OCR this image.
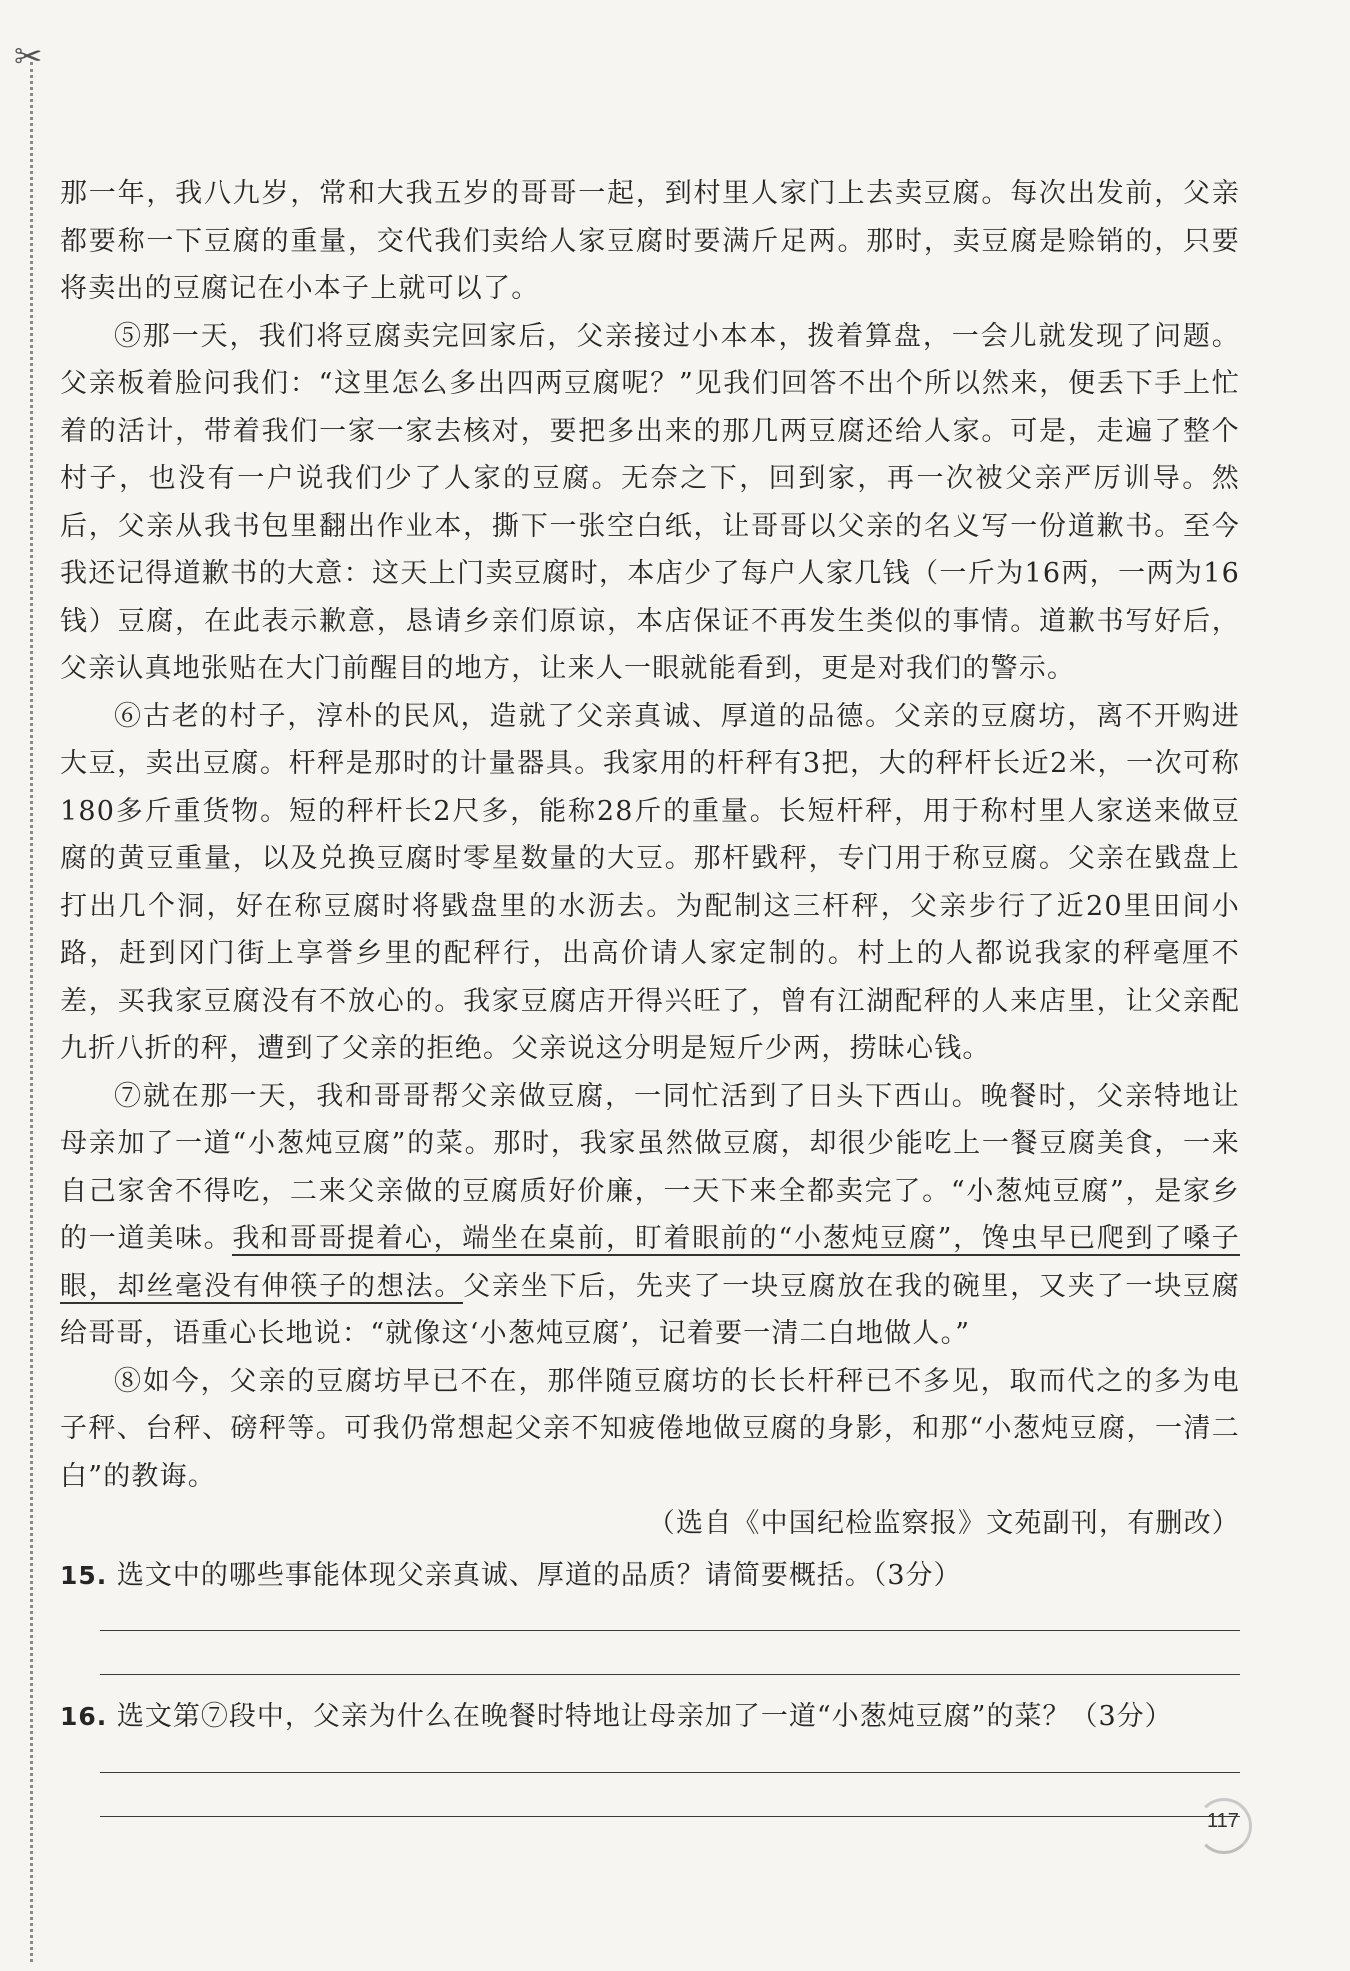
✂

那一年，我八九岁，常和大我五岁的哥哥一起，到村里人家门上去卖豆腐。每次出发前，父亲都要称一下豆腐的重量，交代我们卖给人家豆腐时要满斤足两。那时，卖豆腐是赊销的，只要将卖出的豆腐记在小本子上就可以了。

⑤那一天，我们将豆腐卖完回家后，父亲接过小本本，拨着算盘，一会儿就发现了问题。父亲板着脸问我们：“这里怎么多出四两豆腐呢？”见我们回答不出个所以然来，便丢下手上忙着的活计，带着我们一家一家去核对，要把多出来的那几两豆腐还给人家。可是，走遍了整个村子，也没有一户说我们少了人家的豆腐。无奈之下，回到家，再一次被父亲严厉训导。然后，父亲从我书包里翻出作业本，撕下一张空白纸，让哥哥以父亲的名义写一份道歉书。至今我还记得道歉书的大意：这天上门卖豆腐时，本店少了每户人家几钱（一斤为16两，一两为16钱）豆腐，在此表示歉意，恳请乡亲们原谅，本店保证不再发生类似的事情。道歉书写好后，父亲认真地张贴在大门前醒目的地方，让来人一眼就能看到，更是对我们的警示。

⑥古老的村子，淳朴的民风，造就了父亲真诚、厚道的品德。父亲的豆腐坊，离不开购进大豆，卖出豆腐。杆秤是那时的计量器具。我家用的杆秤有3把，大的秤杆长近2米，一次可称180多斤重货物。短的秤杆长2尺多，能称28斤的重量。长短杆秤，用于称村里人家送来做豆腐的黄豆重量，以及兑换豆腐时零星数量的大豆。那杆戥秤，专门用于称豆腐。父亲在戥盘上打出几个洞，好在称豆腐时将戥盘里的水沥去。为配制这三杆秤，父亲步行了近20里田间小路，赶到冈门街上享誉乡里的配秤行，出高价请人家定制的。村上的人都说我家的秤毫厘不差，买我家豆腐没有不放心的。我家豆腐店开得兴旺了，曾有江湖配秤的人来店里，让父亲配九折八折的秤，遭到了父亲的拒绝。父亲说这分明是短斤少两，捞昧心钱。

⑦就在那一天，我和哥哥帮父亲做豆腐，一同忙活到了日头下西山。晚餐时，父亲特地让母亲加了一道“小葱炖豆腐”的菜。那时，我家虽然做豆腐，却很少能吃上一餐豆腐美食，一来自己家舍不得吃，二来父亲做的豆腐质好价廉，一天下来全都卖完了。“小葱炖豆腐”，是家乡的一道美味。我和哥哥提着心，端坐在桌前，盯着眼前的“小葱炖豆腐”，馋虫早已爬到了嗓子眼，却丝毫没有伸筷子的想法。父亲坐下后，先夹了一块豆腐放在我的碗里，又夹了一块豆腐给哥哥，语重心长地说：“就像这‘小葱炖豆腐’，记着要一清二白地做人。”

⑧如今，父亲的豆腐坊早已不在，那伴随豆腐坊的长长杆秤已不多见，取而代之的多为电子秤、台秤、磅秤等。可我仍常想起父亲不知疲倦地做豆腐的身影，和那“小葱炖豆腐，一清二白”的教诲。

（选自《中国纪检监察报》文苑副刊，有删改）

15. 选文中的哪些事能体现父亲真诚、厚道的品质？请简要概括。（3分）

16. 选文第⑦段中，父亲为什么在晚餐时特地让母亲加了一道“小葱炖豆腐”的菜？（3分）

117
